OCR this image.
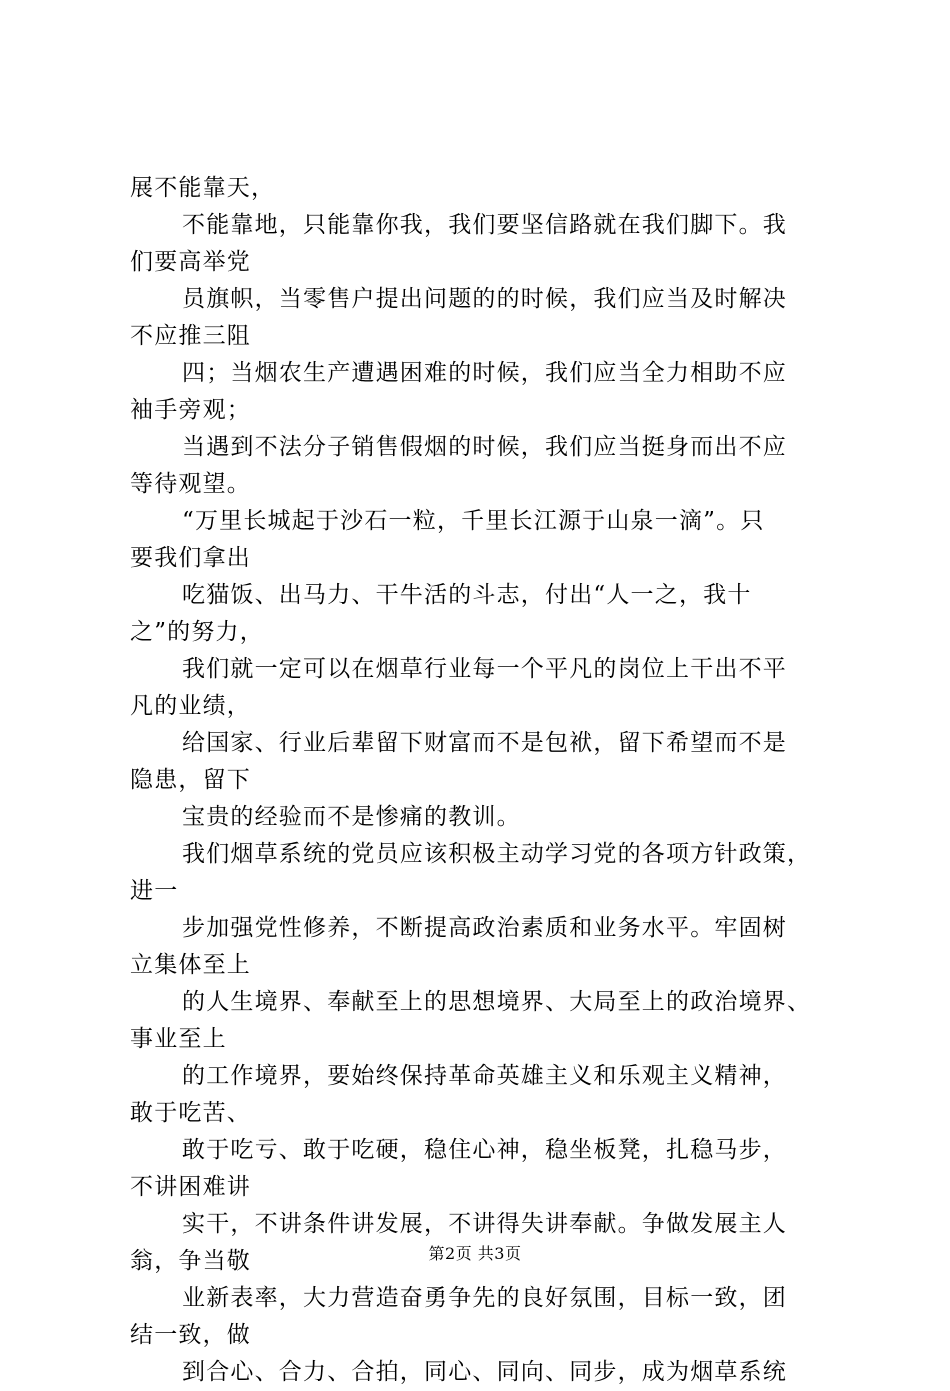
展不能靠天，
不能靠地，只能靠你我，我们要坚信路就在我们脚下。我
们要高举党
员旗帜，当零售户提出问题的的时候，我们应当及时解决
不应推三阻
四；当烟农生产遭遇困难的时候，我们应当全力相助不应
袖手旁观；
当遇到不法分子销售假烟的时候，我们应当挺身而出不应
等待观望。
“万里长城起于沙石一粒，千里长江源于山泉一滴”。只
要我们拿出
吃猫饭、出马力、干牛活的斗志，付出“人一之，我十
之”的努力，
我们就一定可以在烟草行业每一个平凡的岗位上干出不平
凡的业绩，
给国家、行业后辈留下财富而不是包袱，留下希望而不是
隐患，留下
宝贵的经验而不是惨痛的教训。
我们烟草系统的党员应该积极主动学习党的各项方针政策，
进一
步加强党性修养，不断提高政治素质和业务水平。牢固树
立集体至上
的人生境界、奉献至上的思想境界、大局至上的政治境界、
事业至上
的工作境界，要始终保持革命英雄主义和乐观主义精神，
敢于吃苦、
敢于吃亏、敢于吃硬，稳住心神，稳坐板凳，扎稳马步，
不讲困难讲
实干，不讲条件讲发展，不讲得失讲奉献。争做发展主人
翁，争当敬
业新表率，大力营造奋勇争先的良好氛围，目标一致，团
结一致，做
到合心、合力、合拍，同心、同向、同步，成为烟草系统
第2页 共3页
